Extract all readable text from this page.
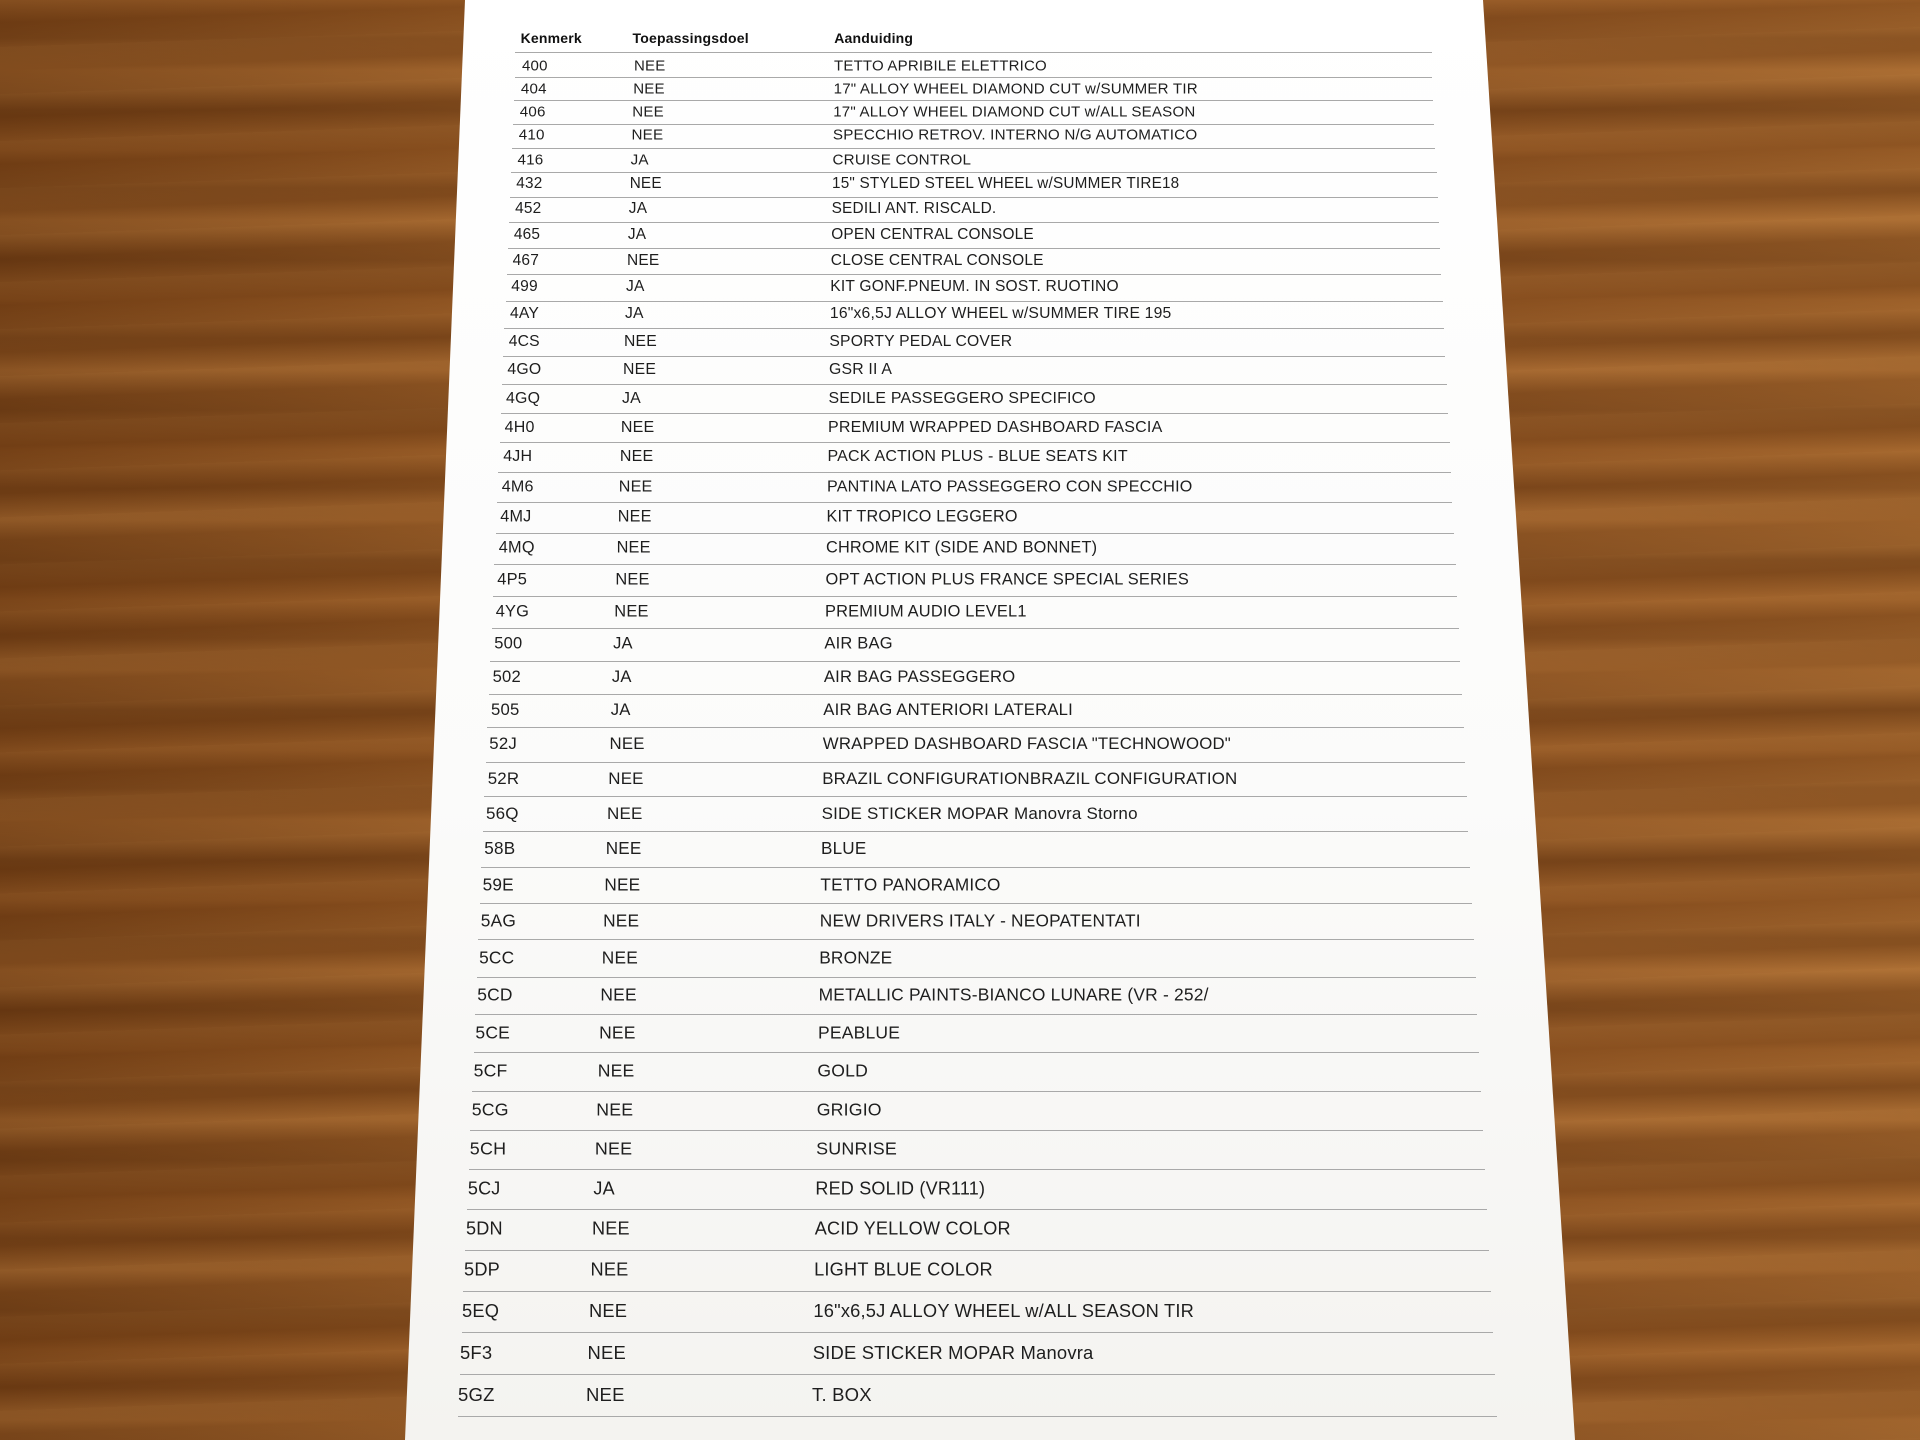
Kenmerk	Toepassingsdoel	Aanduiding
400	NEE	TETTO APRIBILE ELETTRICO
404	NEE	17" ALLOY WHEEL DIAMOND CUT w/SUMMER TIR
406	NEE	17" ALLOY WHEEL DIAMOND CUT w/ALL SEASON
410	NEE	SPECCHIO RETROV. INTERNO N/G AUTOMATICO
416	JA	CRUISE CONTROL
432	NEE	15" STYLED STEEL WHEEL w/SUMMER TIRE18
452	JA	SEDILI ANT. RISCALD.
465	JA	OPEN CENTRAL CONSOLE
467	NEE	CLOSE CENTRAL CONSOLE
499	JA	KIT GONF.PNEUM. IN SOST. RUOTINO
4AY	JA	16"x6,5J ALLOY WHEEL w/SUMMER TIRE 195
4CS	NEE	SPORTY PEDAL COVER
4GO	NEE	GSR II A
4GQ	JA	SEDILE PASSEGGERO SPECIFICO
4H0	NEE	PREMIUM WRAPPED DASHBOARD FASCIA
4JH	NEE	PACK ACTION PLUS - BLUE SEATS KIT
4M6	NEE	PANTINA LATO PASSEGGERO CON SPECCHIO
4MJ	NEE	KIT TROPICO LEGGERO
4MQ	NEE	CHROME KIT (SIDE AND BONNET)
4P5	NEE	OPT ACTION PLUS FRANCE SPECIAL SERIES
4YG	NEE	PREMIUM AUDIO LEVEL1
500	JA	AIR BAG
502	JA	AIR BAG PASSEGGERO
505	JA	AIR BAG ANTERIORI LATERALI
52J	NEE	WRAPPED DASHBOARD FASCIA "TECHNOWOOD"
52R	NEE	BRAZIL CONFIGURATIONBRAZIL CONFIGURATION
56Q	NEE	SIDE STICKER MOPAR Manovra Storno
58B	NEE	BLUE
59E	NEE	TETTO PANORAMICO
5AG	NEE	NEW DRIVERS ITALY - NEOPATENTATI
5CC	NEE	BRONZE
5CD	NEE	METALLIC PAINTS-BIANCO LUNARE (VR - 252/
5CE	NEE	PEABLUE
5CF	NEE	GOLD
5CG	NEE	GRIGIO
5CH	NEE	SUNRISE
5CJ	JA	RED SOLID (VR111)
5DN	NEE	ACID YELLOW COLOR
5DP	NEE	LIGHT BLUE COLOR
5EQ	NEE	16"x6,5J ALLOY WHEEL w/ALL SEASON TIR
5F3	NEE	SIDE STICKER MOPAR Manovra
5GZ	NEE	T. BOX
